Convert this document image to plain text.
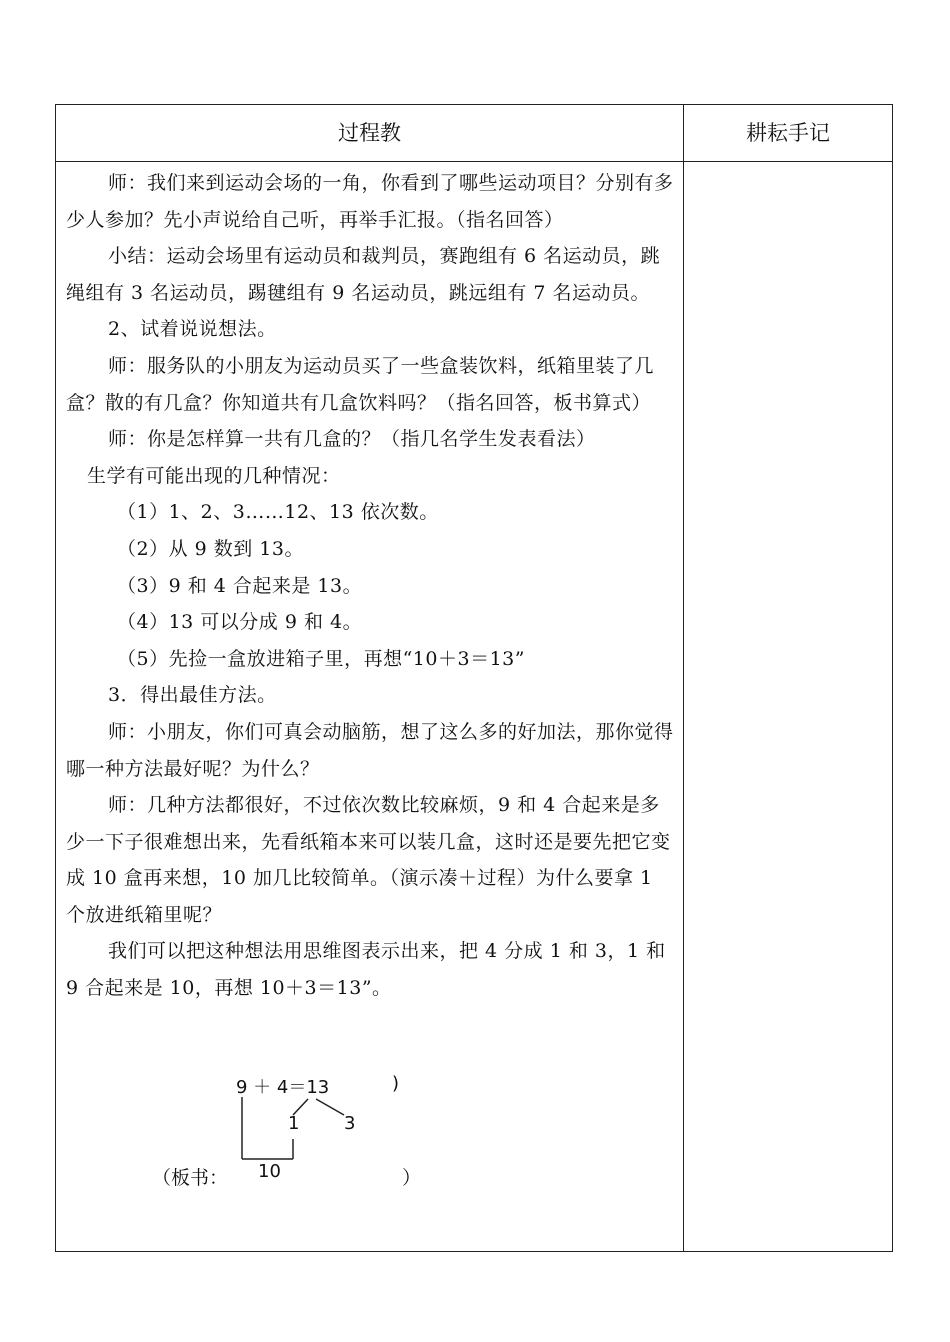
过程教	耕耘手记

师：我们来到运动会场的一角，你看到了哪些运动项目？分别有多少人参加？先小声说给自己听，再举手汇报。（指名回答）

小结：运动会场里有运动员和裁判员，赛跑组有 6 名运动员，跳绳组有 3 名运动员，踢毽组有 9 名运动员，跳远组有 7 名运动员。

2、试着说说想法。

师：服务队的小朋友为运动员买了一些盒装饮料，纸箱里装了几盒？散的有几盒？你知道共有几盒饮料吗？（指名回答，板书算式）

师：你是怎样算一共有几盒的？（指几名学生发表看法）

生学有可能出现的几种情况：

（1）1、2、3……12、13 依次数。

（2）从 9 数到 13。

（3）9 和 4 合起来是 13。

（4）13 可以分成 9 和 4。

（5）先捡一盒放进箱子里，再想“10＋3＝13”

3．得出最佳方法。

师：小朋友，你们可真会动脑筋，想了这么多的好加法，那你觉得哪一种方法最好呢？为什么？

师：几种方法都很好，不过依次数比较麻烦，9 和 4 合起来是多少一下子很难想出来，先看纸箱本来可以装几盒，这时还是要先把它变成 10 盒再来想，10 加几比较简单。（演示凑＋过程）为什么要拿 1 个放进纸箱里呢？

我们可以把这种想法用思维图表示出来，把 4 分成 1 和 3，1 和 9 合起来是 10，再想 10＋3＝13”。

（板书：	）
9 ＋ 4＝13	)
1 3
10
